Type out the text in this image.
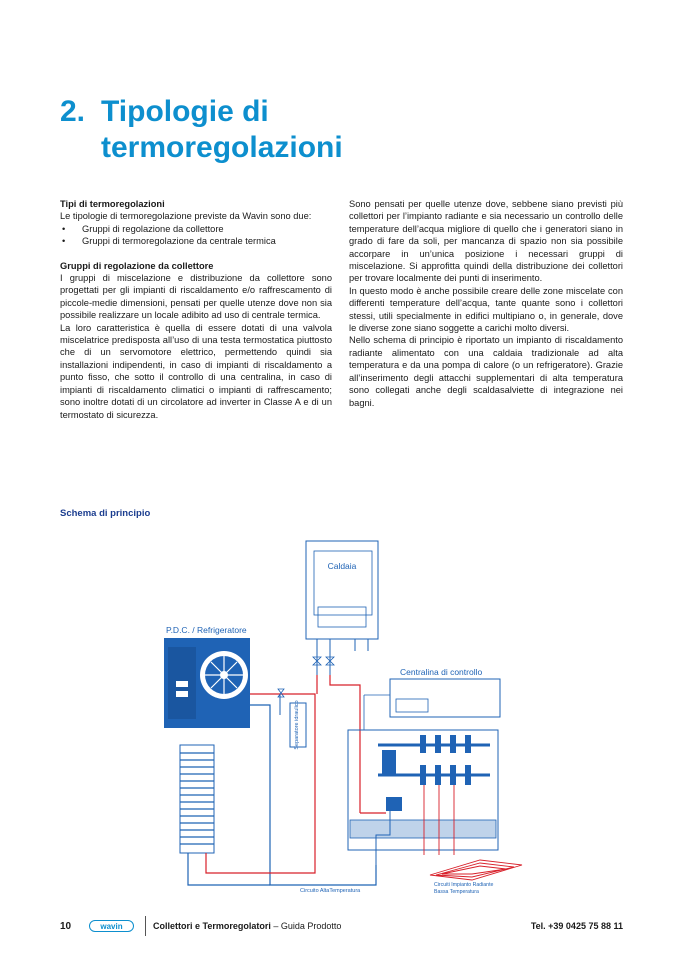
2. Tipologie di termoregolazioni

Tipi di termoregolazioni

Le tipologie di termoregolazione previste da Wavin sono due:

• Gruppi di regolazione da collettore
• Gruppi di termoregolazione da centrale termica

Gruppi di regolazione da collettore

I gruppi di miscelazione e distribuzione da collettore sono progettati per gli impianti di riscaldamento e/o raffrescamento di piccole-medie dimensioni, pensati per quelle utenze dove non sia possibile realizzare un locale adibito ad uso di centrale termica.

La loro caratteristica è quella di essere dotati di una valvola miscelatrice predisposta all’uso di una testa termostatica piuttosto che di un servomotore elettrico, permettendo quindi sia installazioni indipendenti, in caso di impianti di riscaldamento a punto fisso, che sotto il controllo di una centralina, in caso di impianti di riscaldamento climatici o impianti di raffrescamento; sono inoltre dotati di un circolatore ad inverter in Classe A e di un termostato di sicurezza.

Sono pensati per quelle utenze dove, sebbene siano previsti più collettori per l’impianto radiante e sia necessario un controllo delle temperature dell’acqua migliore di quello che i generatori siano in grado di fare da soli, per mancanza di spazio non sia possibile accorpare in un’unica posizione i necessari gruppi di miscelazione. Si approfitta quindi della distribuzione dei collettori per trovare localmente dei punti di inserimento.

In questo modo è anche possibile creare delle zone miscelate con differenti temperature dell’acqua, tante quante sono i collettori stessi, utili specialmente in edifici multipiano o, in generale, dove le diverse zone siano soggette a carichi molto diversi.

Nello schema di principio è riportato un impianto di riscaldamento radiante alimentato con una caldaia tradizionale ad alta temperatura e da una pompa di calore (o un refrigeratore). Grazie all’inserimento degli attacchi supplementari di alta temperatura sono collegati anche degli scaldasalviette di integrazione nei bagni.

Schema di principio
Caldaia
P.D.C. / Refrigeratore
Separatore idraulico
Centralina di controllo
Circuito AltaTemperatura
Circuiti Impianto Radiante
Bassa Temperatura
10	wavin	Collettori e Termoregolatori – Guida Prodotto	Tel. +39 0425 75 88 11
